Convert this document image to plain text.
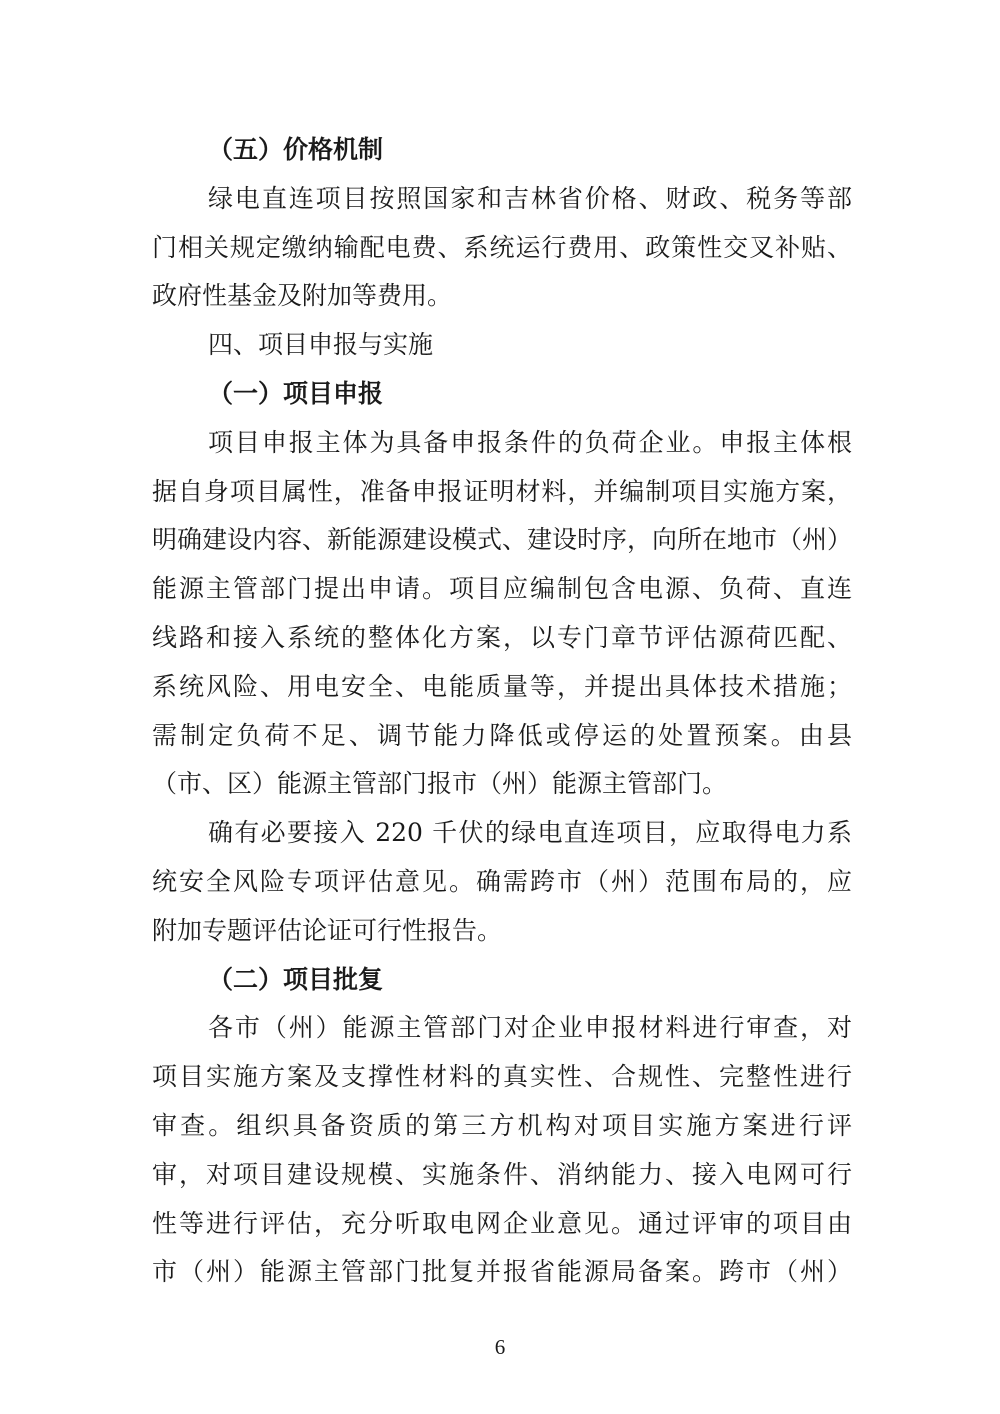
（五）价格机制
绿电直连项目按照国家和吉林省价格、财政、税务等部
门相关规定缴纳输配电费、系统运行费用、政策性交叉补贴、
政府性基金及附加等费用。
四、项目申报与实施
（一）项目申报
项目申报主体为具备申报条件的负荷企业。申报主体根
据自身项目属性，准备申报证明材料，并编制项目实施方案，
明确建设内容、新能源建设模式、建设时序，向所在地市（州）
能源主管部门提出申请。项目应编制包含电源、负荷、直连
线路和接入系统的整体化方案，以专门章节评估源荷匹配、
系统风险、用电安全、电能质量等，并提出具体技术措施；
需制定负荷不足、调节能力降低或停运的处置预案。由县
（市、区）能源主管部门报市（州）能源主管部门。
确有必要接入 220 千伏的绿电直连项目，应取得电力系
统安全风险专项评估意见。确需跨市（州）范围布局的，应
附加专题评估论证可行性报告。
（二）项目批复
各市（州）能源主管部门对企业申报材料进行审查，对
项目实施方案及支撑性材料的真实性、合规性、完整性进行
审查。组织具备资质的第三方机构对项目实施方案进行评
审，对项目建设规模、实施条件、消纳能力、接入电网可行
性等进行评估，充分听取电网企业意见。通过评审的项目由
市（州）能源主管部门批复并报省能源局备案。跨市（州）
6
